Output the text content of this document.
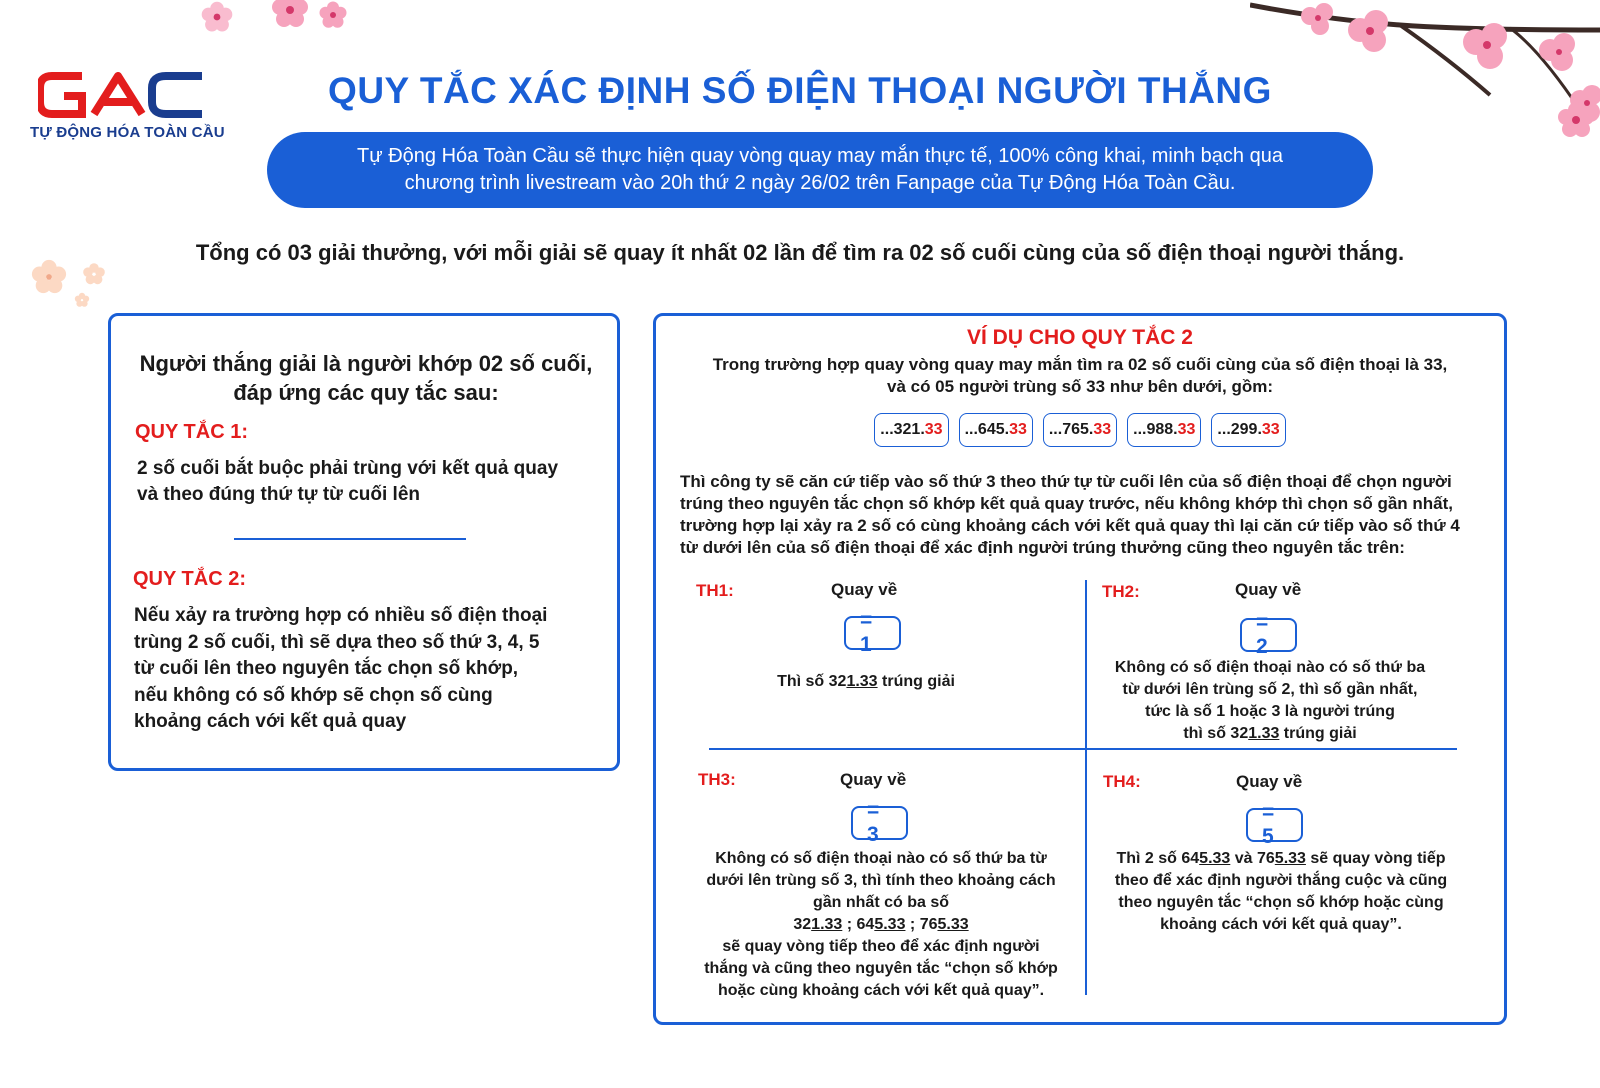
TỰ ĐỘNG HÓA TOÀN CẦU
QUY TẮC XÁC ĐỊNH SỐ ĐIỆN THOẠI NGƯỜI THẮNG
Tự Động Hóa Toàn Cầu sẽ thực hiện quay vòng quay may mắn thực tế, 100% công khai, minh bạch qua
chương trình livestream vào 20h thứ 2 ngày 26/02 trên Fanpage của Tự Động Hóa Toàn Cầu.
Tổng có 03 giải thưởng, với mỗi giải sẽ quay ít nhất 02 lần để tìm ra 02 số cuối cùng của số điện thoại người thắng.
Người thắng giải là người khớp 02 số cuối,
đáp ứng các quy tắc sau:
QUY TẮC 1:
2 số cuối bắt buộc phải trùng với kết quả quay
và theo đúng thứ tự từ cuối lên
QUY TẮC 2:
Nếu xảy ra trường hợp có nhiều số điện thoại
trùng 2 số cuối, thì sẽ dựa theo số thứ 3, 4, 5
từ cuối lên theo nguyên tắc chọn số khớp,
nếu không có số khớp sẽ chọn số cùng
khoảng cách với kết quả quay
VÍ DỤ CHO QUY TẮC 2
Trong trường hợp quay vòng quay may mắn tìm ra 02 số cuối cùng của số điện thoại là 33,
và có 05 người trùng số 33 như bên dưới, gồm:
...321. 33 ...645. 33 ...765. 33 ...988. 33 ...299. 33
Thì công ty sẽ căn cứ tiếp vào số thứ 3 theo thứ tự từ cuối lên của số điện thoại để chọn người
trúng theo nguyên tắc chọn số khớp kết quả quay trước, nếu không khớp thì chọn số gần nhất,
trường hợp lại xảy ra 2 số có cùng khoảng cách với kết quả quay thì lại căn cứ tiếp vào số thứ 4
từ dưới lên của số điện thoại để xác định người trúng thưởng cũng theo nguyên tắc trên:
TH1:	Quay về
= 1
Thì số 321.33 trúng giải
TH2:	Quay về
= 2
Không có số điện thoại nào có số thứ ba
từ dưới lên trùng số 2, thì số gần nhất,
tức là số 1 hoặc 3 là người trúng
thì số 321.33 trúng giải
TH3:	Quay về
= 3
Không có số điện thoại nào có số thứ ba từ
dưới lên trùng số 3, thì tính theo khoảng cách
gần nhất có ba số
321.33 ; 645.33 ; 765.33
sẽ quay vòng tiếp theo để xác định người
thắng và cũng theo nguyên tắc “chọn số khớp
hoặc cùng khoảng cách với kết quả quay”.
TH4:	Quay về
= 5
Thì 2 số 645.33 và 765.33 sẽ quay vòng tiếp
theo để xác định người thắng cuộc và cũng
theo nguyên tắc “chọn số khớp hoặc cùng
khoảng cách với kết quả quay”.
